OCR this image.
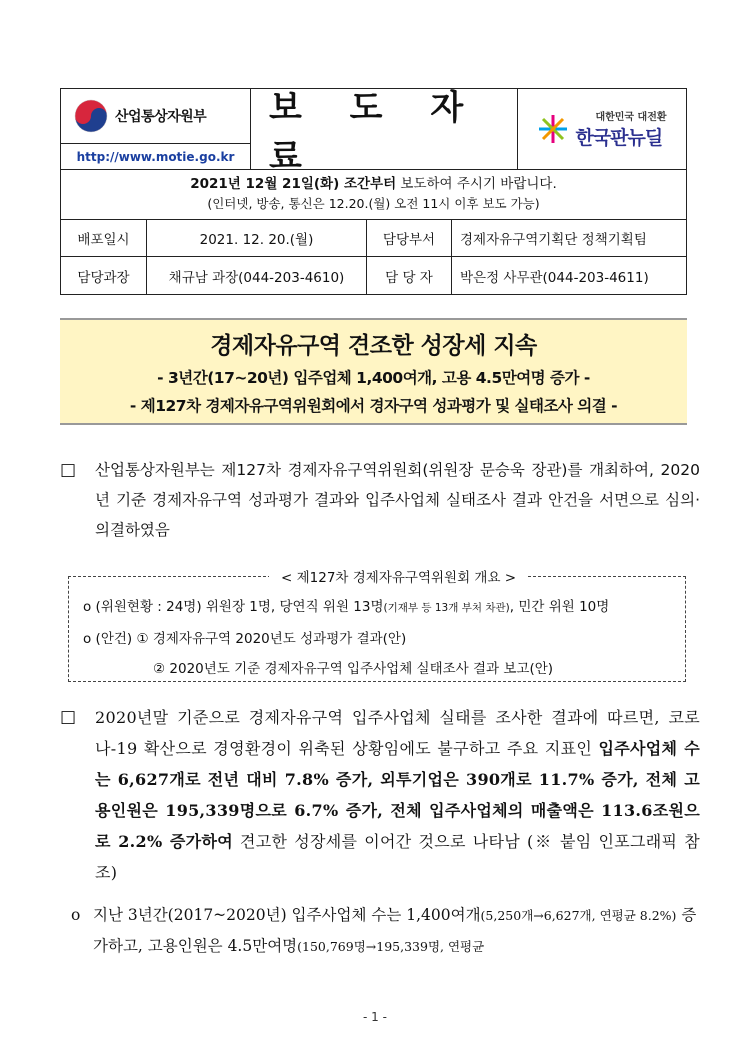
산업통상자원부
http://www.motie.go.kr
보 도 자 료
대한민국 대전환
한국판뉴딜
2021년 12월 21일(화) 조간부터 보도하여 주시기 바랍니다.
(인터넷, 방송, 통신은 12.20.(월) 오전 11시 이후 보도 가능)
배포일시	2021. 12. 20.(월)	담당부서	경제자유구역기획단 정책기획팀
담당과장	채규남 과장(044-203-4610)	담 당 자	박은정 사무관(044-203-4611)
경제자유구역 견조한 성장세 지속
- 3년간(17~20년) 입주업체 1,400여개, 고용 4.5만여명 증가 -
- 제127차 경제자유구역위원회에서 경자구역 성과평가 및 실태조사 의결 -
□	산업통상자원부는 제127차 경제자유구역위원회(위원장 문승욱 장관)를 개최하여, 2020년 기준 경제자유구역 성과평가 결과와 입주사업체 실태조사 결과 안건을 서면으로 심의·의결하였음
< 제127차 경제자유구역위원회 개요 >
ο (위원현황 : 24명) 위원장 1명, 당연직 위원 13명(기재부 등 13개 부처 차관), 민간 위원 10명
ο (안건) ① 경제자유구역 2020년도 성과평가 결과(안)
② 2020년도 기준 경제자유구역 입주사업체 실태조사 결과 보고(안)
□	2020년말 기준으로 경제자유구역 입주사업체 실태를 조사한 결과에 따르면, 코로나-19 확산으로 경영환경이 위축된 상황임에도 불구하고 주요 지표인 입주사업체 수는 6,627개로 전년 대비 7.8% 증가, 외투기업은 390개로 11.7% 증가, 전체 고용인원은 195,339명으로 6.7% 증가, 전체 입주사업체의 매출액은 113.6조원으로 2.2% 증가하여 견고한 성장세를 이어간 것으로 나타남 (※ 붙임 인포그래픽 참조)
ο 지난 3년간(2017~2020년) 입주사업체 수는 1,400여개(5,250개→6,627개, 연평균 8.2%) 증가하고, 고용인원은 4.5만여명(150,769명→195,339명, 연평균
- 1 -
